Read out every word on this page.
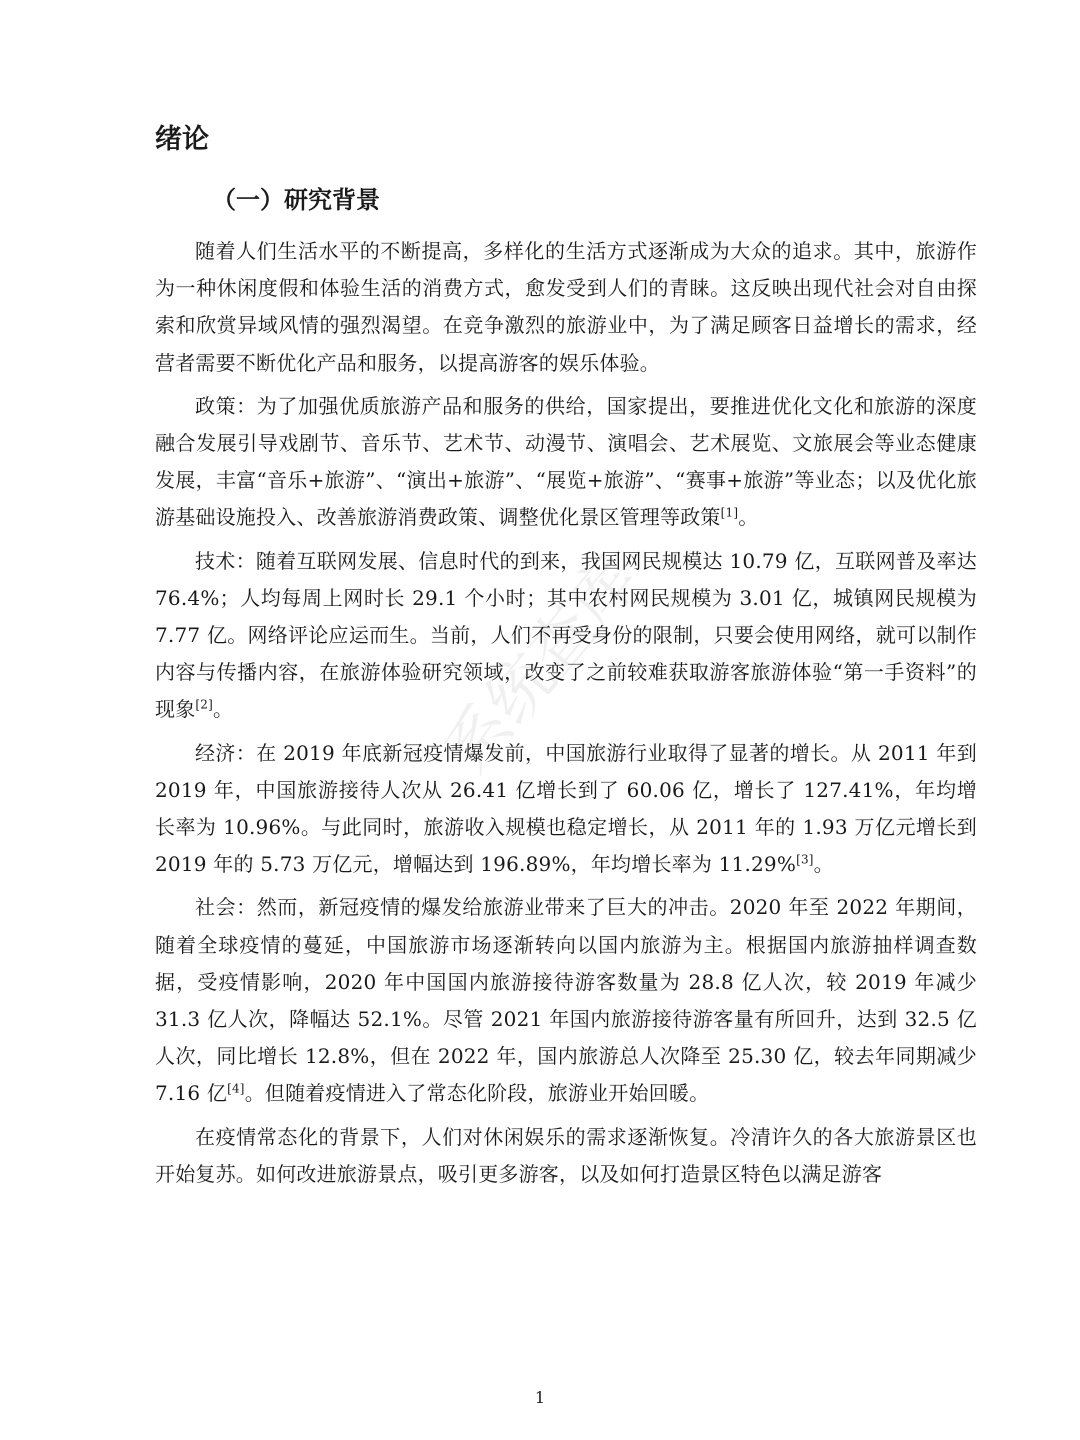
绪论
（一）研究背景

随着人们生活水平的不断提高，多样化的生活方式逐渐成为大众的追求。其中，旅游作为一种休闲度假和体验生活的消费方式，愈发受到人们的青睐。这反映出现代社会对自由探索和欣赏异域风情的强烈渴望。在竞争激烈的旅游业中，为了满足顾客日益增长的需求，经营者需要不断优化产品和服务，以提高游客的娱乐体验。

政策：为了加强优质旅游产品和服务的供给，国家提出，要推进优化文化和旅游的深度融合发展引导戏剧节、音乐节、艺术节、动漫节、演唱会、艺术展览、文旅展会等业态健康发展，丰富“音乐+旅游”、“演出+旅游”、“展览+旅游”、“赛事+旅游”等业态；以及优化旅游基础设施投入、改善旅游消费政策、调整优化景区管理等政策[1]。

技术：随着互联网发展、信息时代的到来，我国网民规模达 10.79 亿，互联网普及率达 76.4%；人均每周上网时长 29.1 个小时；其中农村网民规模为 3.01 亿，城镇网民规模为 7.77 亿。网络评论应运而生。当前，人们不再受身份的限制，只要会使用网络，就可以制作内容与传播内容，在旅游体验研究领域，改变了之前较难获取游客旅游体验“第一手资料”的现象[2]。

经济：在 2019 年底新冠疫情爆发前，中国旅游行业取得了显著的增长。从 2011 年到 2019 年，中国旅游接待人次从 26.41 亿增长到了 60.06 亿，增长了 127.41%，年均增长率为 10.96%。与此同时，旅游收入规模也稳定增长，从 2011 年的 1.93 万亿元增长到 2019 年的 5.73 万亿元，增幅达到 196.89%，年均增长率为 11.29%[3]。

社会：然而，新冠疫情的爆发给旅游业带来了巨大的冲击。2020 年至 2022 年期间，随着全球疫情的蔓延，中国旅游市场逐渐转向以国内旅游为主。根据国内旅游抽样调查数据，受疫情影响，2020 年中国国内旅游接待游客数量为 28.8 亿人次，较 2019 年减少 31.3 亿人次，降幅达 52.1%。尽管 2021 年国内旅游接待游客量有所回升，达到 32.5 亿人次，同比增长 12.8%，但在 2022 年，国内旅游总人次降至 25.30 亿，较去年同期减少 7.16 亿[4]。但随着疫情进入了常态化阶段，旅游业开始回暖。

在疫情常态化的背景下，人们对休闲娱乐的需求逐渐恢复。冷清许久的各大旅游景区也开始复苏。如何改进旅游景点，吸引更多游客，以及如何打造景区特色以满足游客

系统查库
1
